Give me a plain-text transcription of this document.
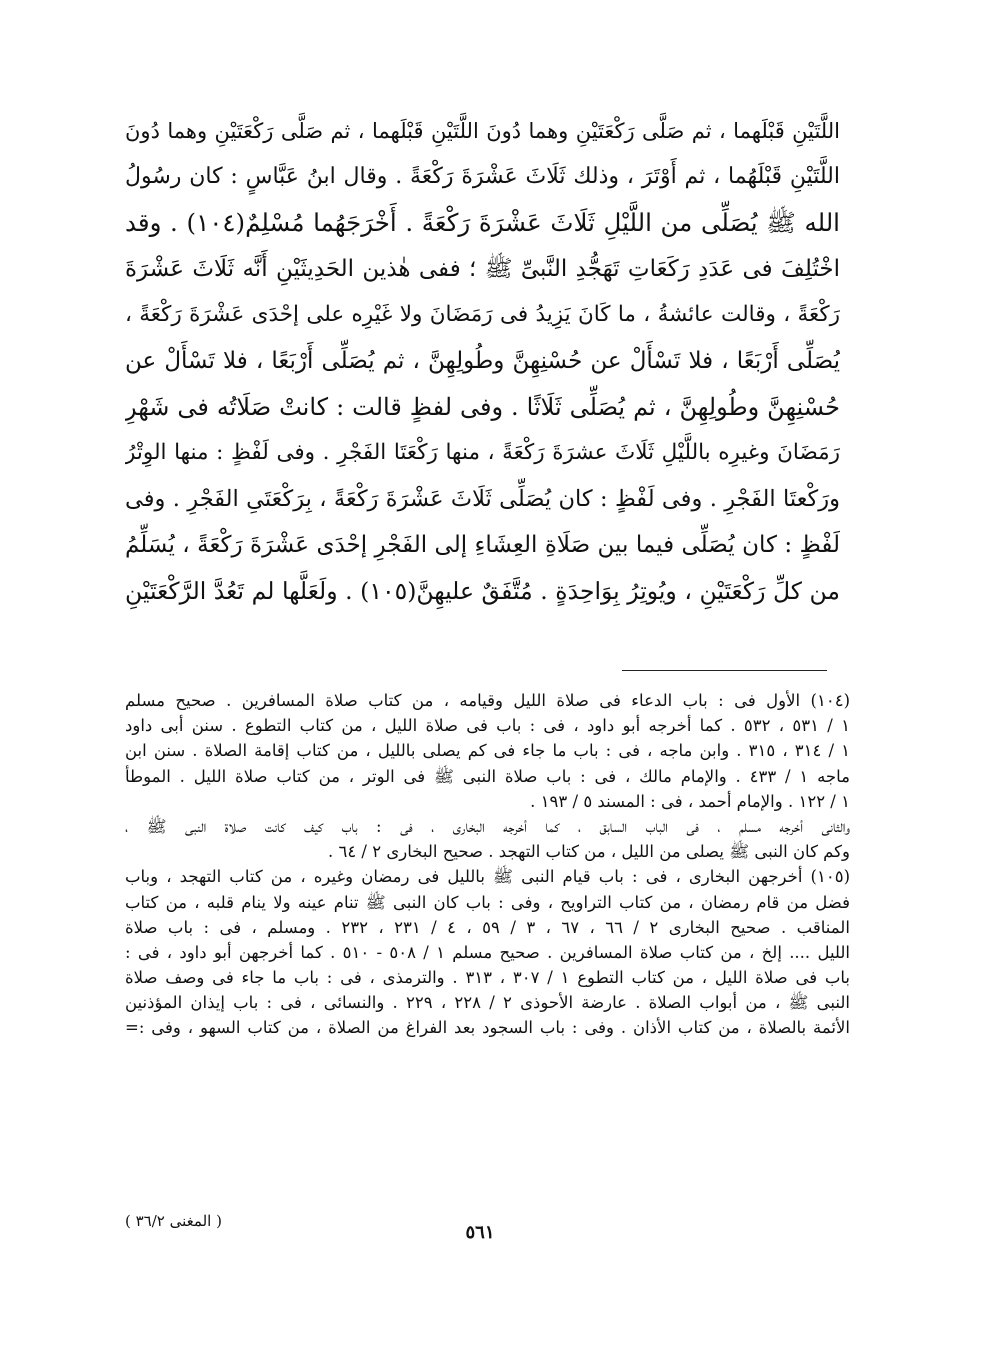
اللَّتَيْنِ قَبْلَهما ، ثم صَلَّى رَكْعَتَيْنِ وهما دُونَ اللَّتَيْنِ قَبْلَهما ، ثم صَلَّى رَكْعَتَيْنِ وهما دُونَ
اللَّتَيْنِ قَبْلَهُما ، ثم أَوْتَرَ ، وذلك ثَلَاثَ عَشْرَةَ رَكْعَةً . وقال ابنُ عَبَّاسٍ : كان رسُولُ
الله ﷺ يُصَلِّى من اللَّيْلِ ثَلَاثَ عَشْرَةَ رَكْعَةً . أَخْرَجَهُما مُسْلِمٌ(١٠٤) . وقد
اخْتُلِفَ فى عَدَدِ رَكَعَاتِ تَهَجُّدِ النَّبىِّ ﷺ ؛ ففى هٰذين الحَدِيثَيْنِ أَنَّه ثَلَاثَ عَشْرَةَ
رَكْعَةً ، وقالت عائشةُ ، ما كَانَ يَزِيدُ فى رَمَضَانَ ولا غَيْرِه على إحْدَى عَشْرَةَ رَكْعَةً ،
يُصَلِّى أَرْبَعًا ، فلا تَسْأَلْ عن حُسْنِهِنَّ وطُولِهِنَّ ، ثم يُصَلِّى أَرْبَعًا ، فلا تَسْأَلْ عن
حُسْنِهِنَّ وطُولِهِنَّ ، ثم يُصَلِّى ثَلَاثًا . وفى لفظٍ قالت : كانتْ صَلَاتُه فى شَهْرِ
رَمَضَانَ وغيرِه باللَّيْلِ ثَلَاثَ عشرَةَ رَكْعَةً ، منها رَكْعَتَا الفَجْرِ . وفى لَفْظٍ : منها الوِتْرُ
ورَكْعتَا الفَجْرِ . وفى لَفْظٍ : كان يُصَلِّى ثَلَاثَ عَشْرَةَ رَكْعَةً ، بِرَكْعَتَىِ الفَجْرِ . وفى
لَفْظٍ : كان يُصَلِّى فيما بين صَلَاةِ العِشَاءِ إلى الفَجْرِ إحْدَى عَشْرَةَ رَكْعَةً ، يُسَلِّمُ
من كلِّ رَكْعَتَيْنِ ، ويُوتِرُ بِوَاحِدَةٍ . مُتَّفَقٌ عليهِنَّ(١٠٥) . ولَعَلَّها لم تَعُدَّ الرَّكْعَتَيْنِ
(١٠٤) الأول فى : باب الدعاء فى صلاة الليل وقيامه ، من كتاب صلاة المسافرين . صحيح مسلم
١ / ٥٣١ ، ٥٣٢ . كما أخرجه أبو داود ، فى : باب فى صلاة الليل ، من كتاب التطوع . سنن أبى داود
١ / ٣١٤ ، ٣١٥ . وابن ماجه ، فى : باب ما جاء فى كم يصلى بالليل ، من كتاب إقامة الصلاة . سنن ابن
ماجه ١ / ٤٣٣ . والإمام مالك ، فى : باب صلاة النبى ﷺ فى الوتر ، من كتاب صلاة الليل . الموطأ
١ / ١٢٢ . والإمام أحمد ، فى : المسند ٥ / ١٩٣ .
والثانى أخرجه مسلم ، فى الباب السابق ، كما أخرجه البخارى ، فى : باب كيف كانت صلاة النبى ﷺ ،
وكم كان النبى ﷺ يصلى من الليل ، من كتاب التهجد . صحيح البخارى ٢ / ٦٤ .
(١٠٥) أخرجهن البخارى ، فى : باب قيام النبى ﷺ بالليل فى رمضان وغيره ، من كتاب التهجد ، وباب
فضل من قام رمضان ، من كتاب التراويح ، وفى : باب كان النبى ﷺ تنام عينه ولا ينام قلبه ، من كتاب
المناقب . صحيح البخارى ٢ / ٦٦ ، ٦٧ ، ٣ / ٥٩ ، ٤ / ٢٣١ ، ٢٣٢ . ومسلم ، فى : باب صلاة
الليل .... إلخ ، من كتاب صلاة المسافرين . صحيح مسلم ١ / ٥٠٨ - ٥١٠ . كما أخرجهن أبو داود ، فى :
باب فى صلاة الليل ، من كتاب التطوع ١ / ٣٠٧ ، ٣١٣ . والترمذى ، فى : باب ما جاء فى وصف صلاة
النبى ﷺ ، من أبواب الصلاة . عارضة الأحوذى ٢ / ٢٢٨ ، ٢٢٩ . والنسائى ، فى : باب إيذان المؤذنين
الأئمة بالصلاة ، من كتاب الأذان . وفى : باب السجود بعد الفراغ من الصلاة ، من كتاب السهو ، وفى :=
( المغنى ٣٦/٢ )
٥٦١
